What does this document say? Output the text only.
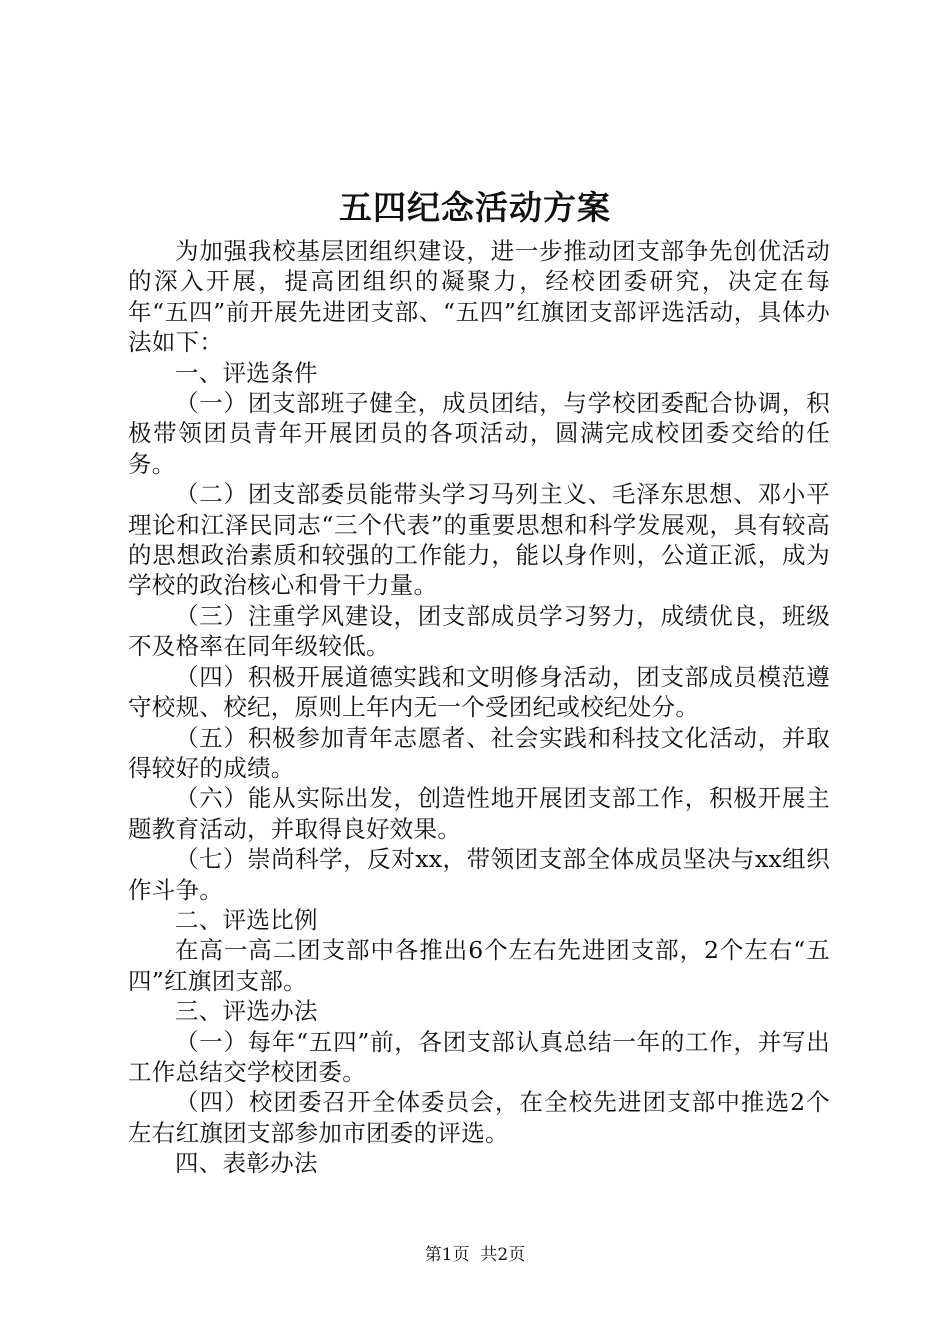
五四纪念活动方案

为加强我校基层团组织建设，进一步推动团支部争先创优活动的深入开展，提高团组织的凝聚力，经校团委研究，决定在每年“五四”前开展先进团支部、“五四”红旗团支部评选活动，具体办法如下：

一、评选条件

（一）团支部班子健全，成员团结，与学校团委配合协调，积极带领团员青年开展团员的各项活动，圆满完成校团委交给的任务。

（二）团支部委员能带头学习马列主义、毛泽东思想、邓小平理论和江泽民同志“三个代表”的重要思想和科学发展观，具有较高的思想政治素质和较强的工作能力，能以身作则，公道正派，成为学校的政治核心和骨干力量。

（三）注重学风建设，团支部成员学习努力，成绩优良，班级不及格率在同年级较低。

（四）积极开展道德实践和文明修身活动，团支部成员模范遵守校规、校纪，原则上年内无一个受团纪或校纪处分。

（五）积极参加青年志愿者、社会实践和科技文化活动，并取得较好的成绩。

（六）能从实际出发，创造性地开展团支部工作，积极开展主题教育活动，并取得良好效果。

（七）崇尚科学，反对xx，带领团支部全体成员坚决与xx组织作斗争。

二、评选比例

在高一高二团支部中各推出6个左右先进团支部，2个左右“五四”红旗团支部。

三、评选办法

（一）每年“五四”前，各团支部认真总结一年的工作，并写出工作总结交学校团委。

（四）校团委召开全体委员会，在全校先进团支部中推选2个左右红旗团支部参加市团委的评选。

四、表彰办法

第1页 共2页
